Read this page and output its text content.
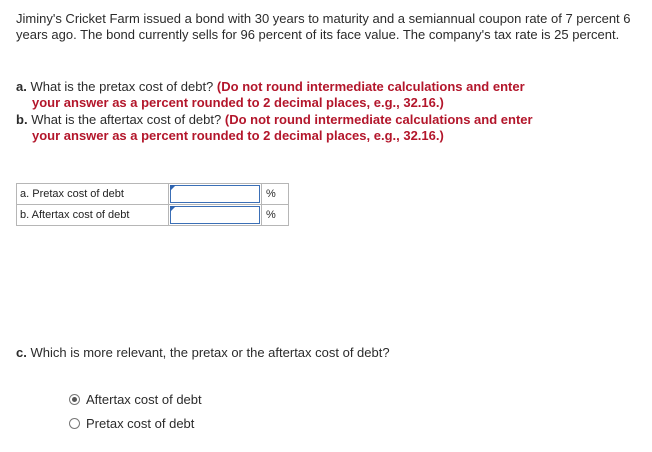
Jiminy's Cricket Farm issued a bond with 30 years to maturity and a semiannual coupon rate of 7 percent 6 years ago. The bond currently sells for 96 percent of its face value. The company's tax rate is 25 percent.
a. What is the pretax cost of debt? (Do not round intermediate calculations and enter
your answer as a percent rounded to 2 decimal places, e.g., 32.16.)
b. What is the aftertax cost of debt? (Do not round intermediate calculations and enter
your answer as a percent rounded to 2 decimal places, e.g., 32.16.)
a. Pretax cost of debt		%
b. Aftertax cost of debt		%
c. Which is more relevant, the pretax or the aftertax cost of debt?
Aftertax cost of debt
Pretax cost of debt
